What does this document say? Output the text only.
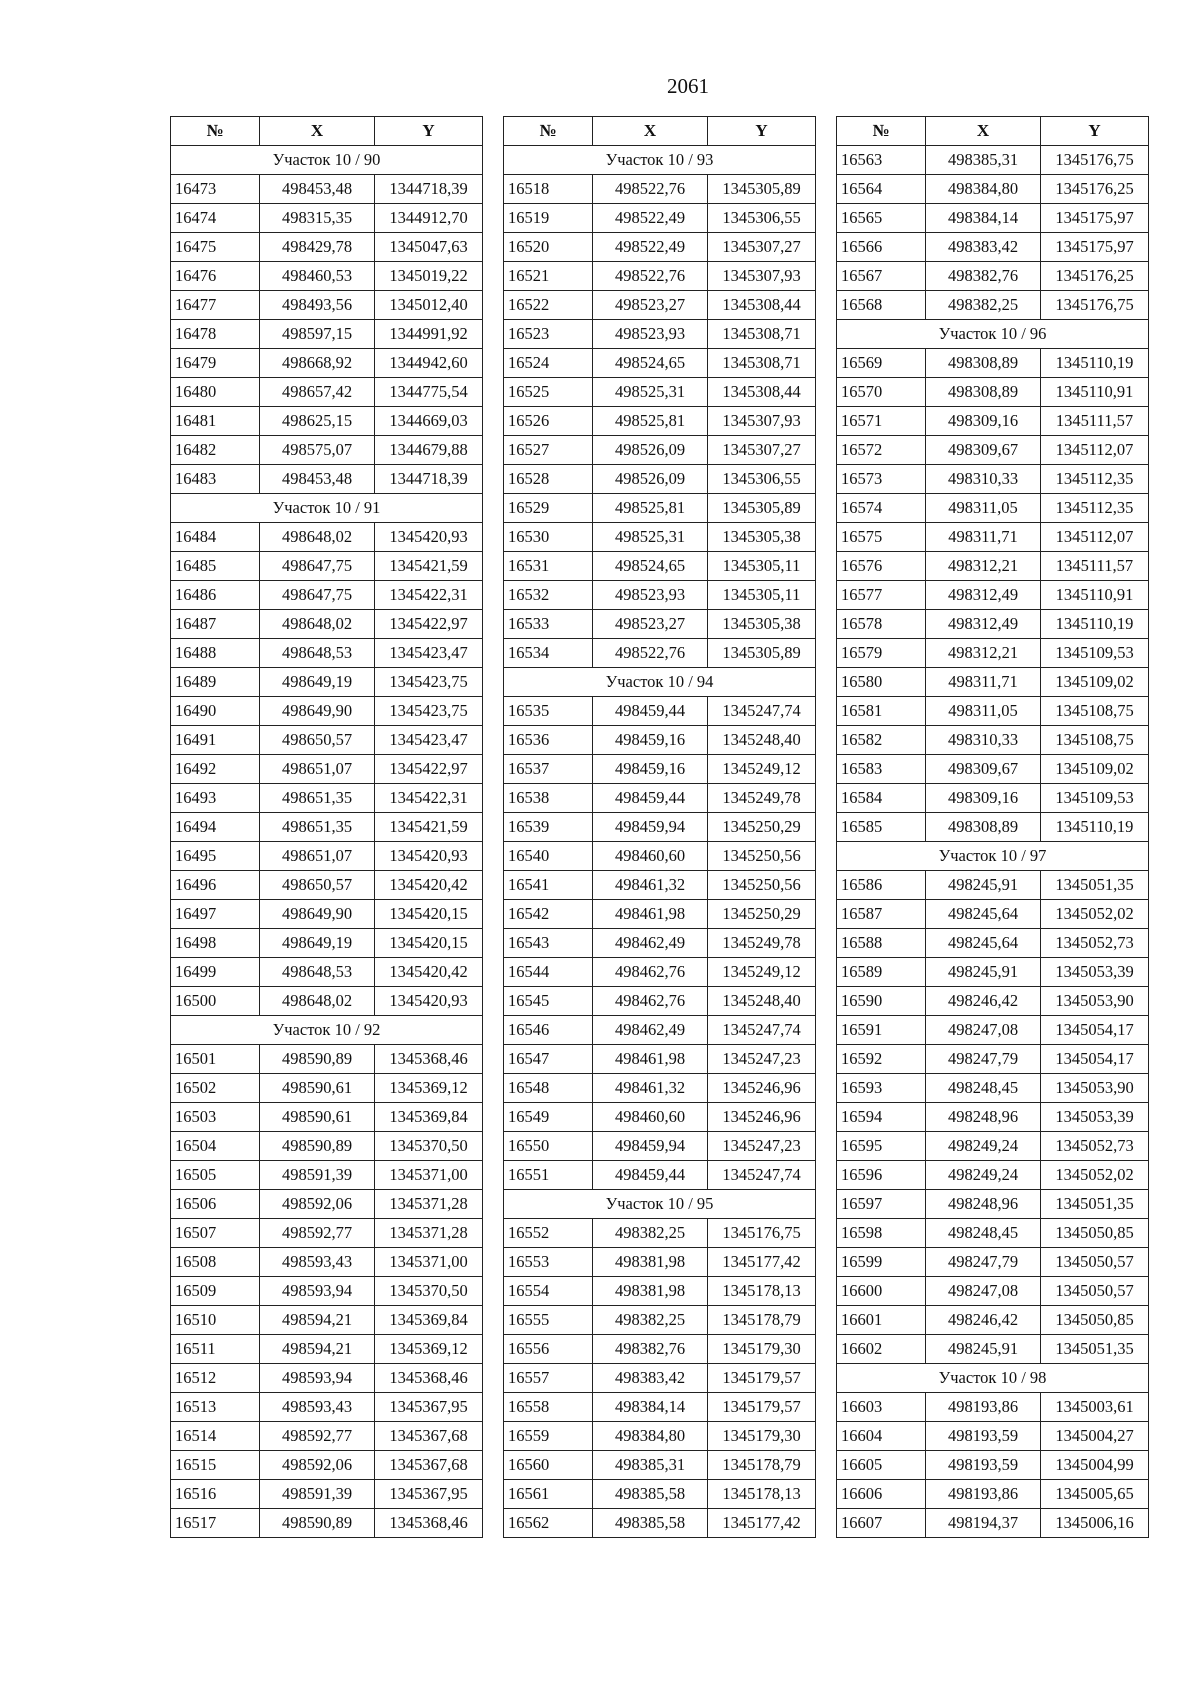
2061
№	X	Y
Участок 10 / 90		
16473	498453,48	1344718,39
16474	498315,35	1344912,70
16475	498429,78	1345047,63
16476	498460,53	1345019,22
16477	498493,56	1345012,40
16478	498597,15	1344991,92
16479	498668,92	1344942,60
16480	498657,42	1344775,54
16481	498625,15	1344669,03
16482	498575,07	1344679,88
16483	498453,48	1344718,39
Участок 10 / 91		
16484	498648,02	1345420,93
16485	498647,75	1345421,59
16486	498647,75	1345422,31
16487	498648,02	1345422,97
16488	498648,53	1345423,47
16489	498649,19	1345423,75
16490	498649,90	1345423,75
16491	498650,57	1345423,47
16492	498651,07	1345422,97
16493	498651,35	1345422,31
16494	498651,35	1345421,59
16495	498651,07	1345420,93
16496	498650,57	1345420,42
16497	498649,90	1345420,15
16498	498649,19	1345420,15
16499	498648,53	1345420,42
16500	498648,02	1345420,93
Участок 10 / 92		
16501	498590,89	1345368,46
16502	498590,61	1345369,12
16503	498590,61	1345369,84
16504	498590,89	1345370,50
16505	498591,39	1345371,00
16506	498592,06	1345371,28
16507	498592,77	1345371,28
16508	498593,43	1345371,00
16509	498593,94	1345370,50
16510	498594,21	1345369,84
16511	498594,21	1345369,12
16512	498593,94	1345368,46
16513	498593,43	1345367,95
16514	498592,77	1345367,68
16515	498592,06	1345367,68
16516	498591,39	1345367,95
16517	498590,89	1345368,46
№	X	Y
Участок 10 / 93		
16518	498522,76	1345305,89
16519	498522,49	1345306,55
16520	498522,49	1345307,27
16521	498522,76	1345307,93
16522	498523,27	1345308,44
16523	498523,93	1345308,71
16524	498524,65	1345308,71
16525	498525,31	1345308,44
16526	498525,81	1345307,93
16527	498526,09	1345307,27
16528	498526,09	1345306,55
16529	498525,81	1345305,89
16530	498525,31	1345305,38
16531	498524,65	1345305,11
16532	498523,93	1345305,11
16533	498523,27	1345305,38
16534	498522,76	1345305,89
Участок 10 / 94		
16535	498459,44	1345247,74
16536	498459,16	1345248,40
16537	498459,16	1345249,12
16538	498459,44	1345249,78
16539	498459,94	1345250,29
16540	498460,60	1345250,56
16541	498461,32	1345250,56
16542	498461,98	1345250,29
16543	498462,49	1345249,78
16544	498462,76	1345249,12
16545	498462,76	1345248,40
16546	498462,49	1345247,74
16547	498461,98	1345247,23
16548	498461,32	1345246,96
16549	498460,60	1345246,96
16550	498459,94	1345247,23
16551	498459,44	1345247,74
Участок 10 / 95		
16552	498382,25	1345176,75
16553	498381,98	1345177,42
16554	498381,98	1345178,13
16555	498382,25	1345178,79
16556	498382,76	1345179,30
16557	498383,42	1345179,57
16558	498384,14	1345179,57
16559	498384,80	1345179,30
16560	498385,31	1345178,79
16561	498385,58	1345178,13
16562	498385,58	1345177,42
№	X	Y
16563	498385,31	1345176,75
16564	498384,80	1345176,25
16565	498384,14	1345175,97
16566	498383,42	1345175,97
16567	498382,76	1345176,25
16568	498382,25	1345176,75
Участок 10 / 96		
16569	498308,89	1345110,19
16570	498308,89	1345110,91
16571	498309,16	1345111,57
16572	498309,67	1345112,07
16573	498310,33	1345112,35
16574	498311,05	1345112,35
16575	498311,71	1345112,07
16576	498312,21	1345111,57
16577	498312,49	1345110,91
16578	498312,49	1345110,19
16579	498312,21	1345109,53
16580	498311,71	1345109,02
16581	498311,05	1345108,75
16582	498310,33	1345108,75
16583	498309,67	1345109,02
16584	498309,16	1345109,53
16585	498308,89	1345110,19
Участок 10 / 97		
16586	498245,91	1345051,35
16587	498245,64	1345052,02
16588	498245,64	1345052,73
16589	498245,91	1345053,39
16590	498246,42	1345053,90
16591	498247,08	1345054,17
16592	498247,79	1345054,17
16593	498248,45	1345053,90
16594	498248,96	1345053,39
16595	498249,24	1345052,73
16596	498249,24	1345052,02
16597	498248,96	1345051,35
16598	498248,45	1345050,85
16599	498247,79	1345050,57
16600	498247,08	1345050,57
16601	498246,42	1345050,85
16602	498245,91	1345051,35
Участок 10 / 98		
16603	498193,86	1345003,61
16604	498193,59	1345004,27
16605	498193,59	1345004,99
16606	498193,86	1345005,65
16607	498194,37	1345006,16
